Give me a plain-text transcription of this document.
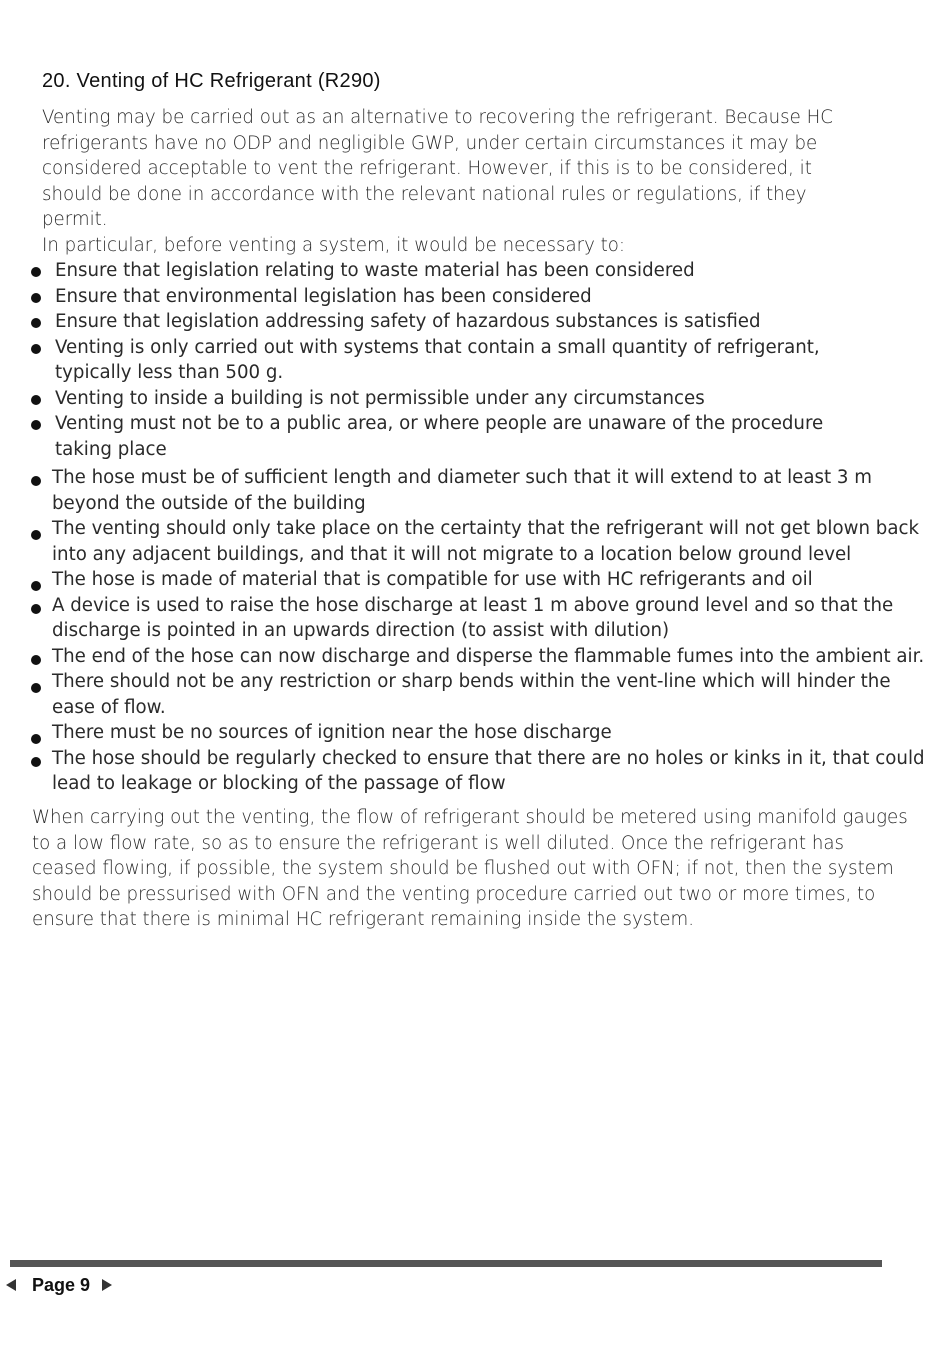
20. Venting of HC Refrigerant (R290)

Venting may be carried out as an alternative to recovering the refrigerant. Because HC refrigerants have no ODP and negligible GWP, under certain circumstances it may be considered acceptable to vent the refrigerant. However, if this is to be considered, it should be done in accordance with the relevant national rules or regulations, if they permit.

In particular, before venting a system, it would be necessary to:

Ensure that legislation relating to waste material has been considered
Ensure that environmental legislation has been considered
Ensure that legislation addressing safety of hazardous substances is satisfied
Venting is only carried out with systems that contain a small quantity of refrigerant, typically less than 500 g.
Venting to inside a building is not permissible under any circumstances
Venting must not be to a public area, or where people are unaware of the procedure taking place
The hose must be of sufficient length and diameter such that it will extend to at least 3 m beyond the outside of the building
The venting should only take place on the certainty that the refrigerant will not get blown back into any adjacent buildings, and that it will not migrate to a location below ground level
The hose is made of material that is compatible for use with HC refrigerants and oil
A device is used to raise the hose discharge at least 1 m above ground level and so that the discharge is pointed in an upwards direction (to assist with dilution)
The end of the hose can now discharge and disperse the flammable fumes into the ambient air.
There should not be any restriction or sharp bends within the vent-line which will hinder the ease of flow.
There must be no sources of ignition near the hose discharge
The hose should be regularly checked to ensure that there are no holes or kinks in it, that could lead to leakage or blocking of the passage of flow
When carrying out the venting, the flow of refrigerant should be metered using manifold gauges to a low flow rate, so as to ensure the refrigerant is well diluted. Once the refrigerant has ceased flowing, if possible, the system should be flushed out with OFN; if not, then the system should be pressurised with OFN and the venting procedure carried out two or more times, to ensure that there is minimal HC refrigerant remaining inside the system.
Page 9
